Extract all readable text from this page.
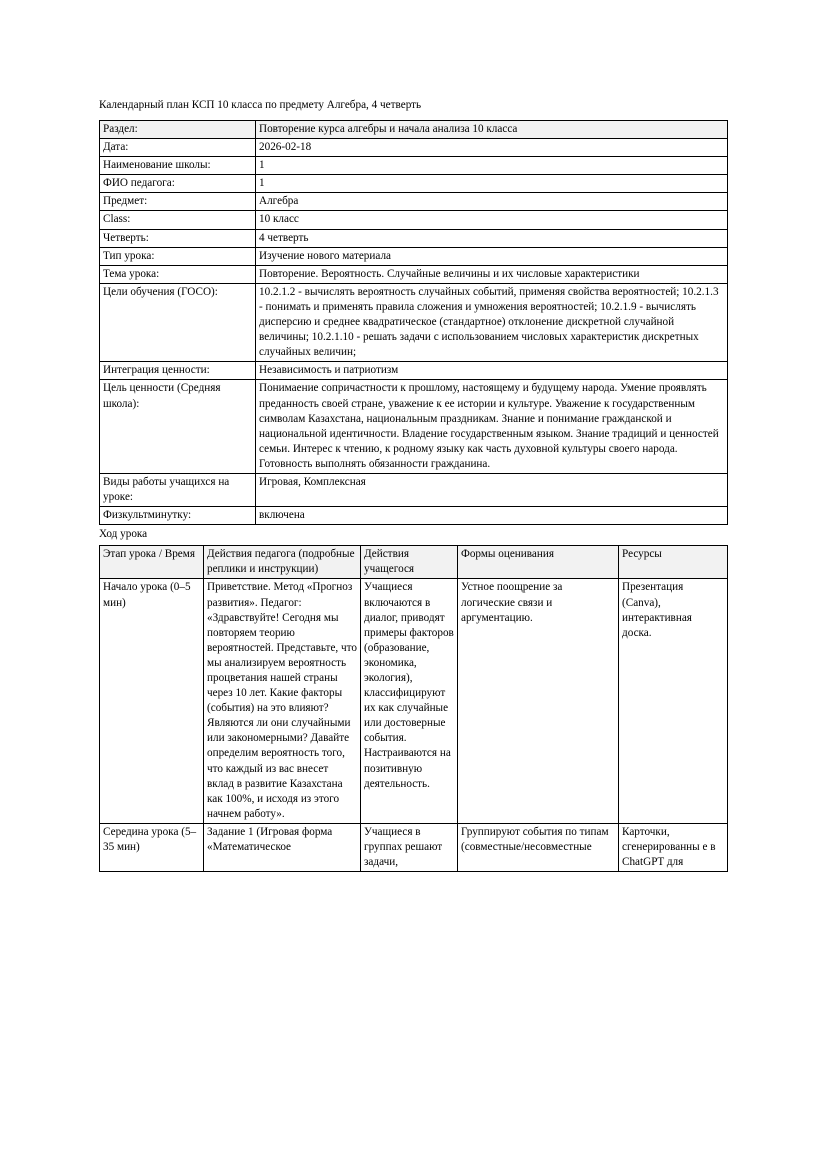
Календарный план КСП 10 класса по предмету Алгебра, 4 четверть
Раздел:	Повторение курса алгебры и начала анализа 10 класса
Дата:	2026-02-18
Наименование школы:	1
ФИО педагога:	1
Предмет:	Алгебра
Class:	10 класс
Четверть:	4 четверть
Тип урока:	Изучение нового материала
Тема урока:	Повторение. Вероятность. Случайные величины и их числовые характеристики
Цели обучения (ГОСО):	10.2.1.2 - вычислять вероятность случайных событий, применяя свойства вероятностей; 10.2.1.3 - понимать и применять правила сложения и умножения вероятностей; 10.2.1.9 - вычислять дисперсию и среднее квадратическое (стандартное) отклонение дискретной случайной величины; 10.2.1.10 - решать задачи с использованием числовых характеристик дискретных случайных величин;
Интеграция ценности:	Независимость и патриотизм
Цель ценности (Средняя школа):	Понимаение сопричастности к прошлому, настоящему и будущему народа. Умение проявлять преданность своей стране, уважение к ее истории и культуре. Уважение к государственным символам Казахстана, национальным праздникам. Знание и понимание гражданской и национальной идентичности. Владение государственным языком. Знание традиций и ценностей семьи. Интерес к чтению, к родному языку как часть духовной культуры своего народа. Готовность выполнять обязанности гражданина.
Виды работы учащихся на уроке:	Игровая, Комплексная
Физкультминутку:	включена
Ход урока
Этап урока / Время	Действия педагога (подробные реплики и инструкции)	Действия учащегося	Формы оценивания	Ресурсы
Начало урока (0–5 мин)	Приветствие. Метод «Прогноз развития». Педагог: «Здравствуйте! Сегодня мы повторяем теорию вероятностей. Представьте, что мы анализируем вероятность процветания нашей страны через 10 лет. Какие факторы (события) на это влияют? Являются ли они случайными или закономерными? Давайте определим вероятность того, что каждый из вас внесет вклад в развитие Казахстана как 100%, и исходя из этого начнем работу».	Учащиеся включаются в диалог, приводят примеры факторов (образование, экономика, экология), классифицируют их как случайные или достоверные события. Настраиваются на позитивную деятельность.	Устное поощрение за логические связи и аргументацию.	Презентация (Canva), интерактивная доска.

Середина урока (5–35 мин)	Задание 1 (Игровая форма «Математическое	Учащиеся в группах решают задачи,	Группируют события по типам (совместные/несовместные	Карточки, сгенерированны е в ChatGPT для
